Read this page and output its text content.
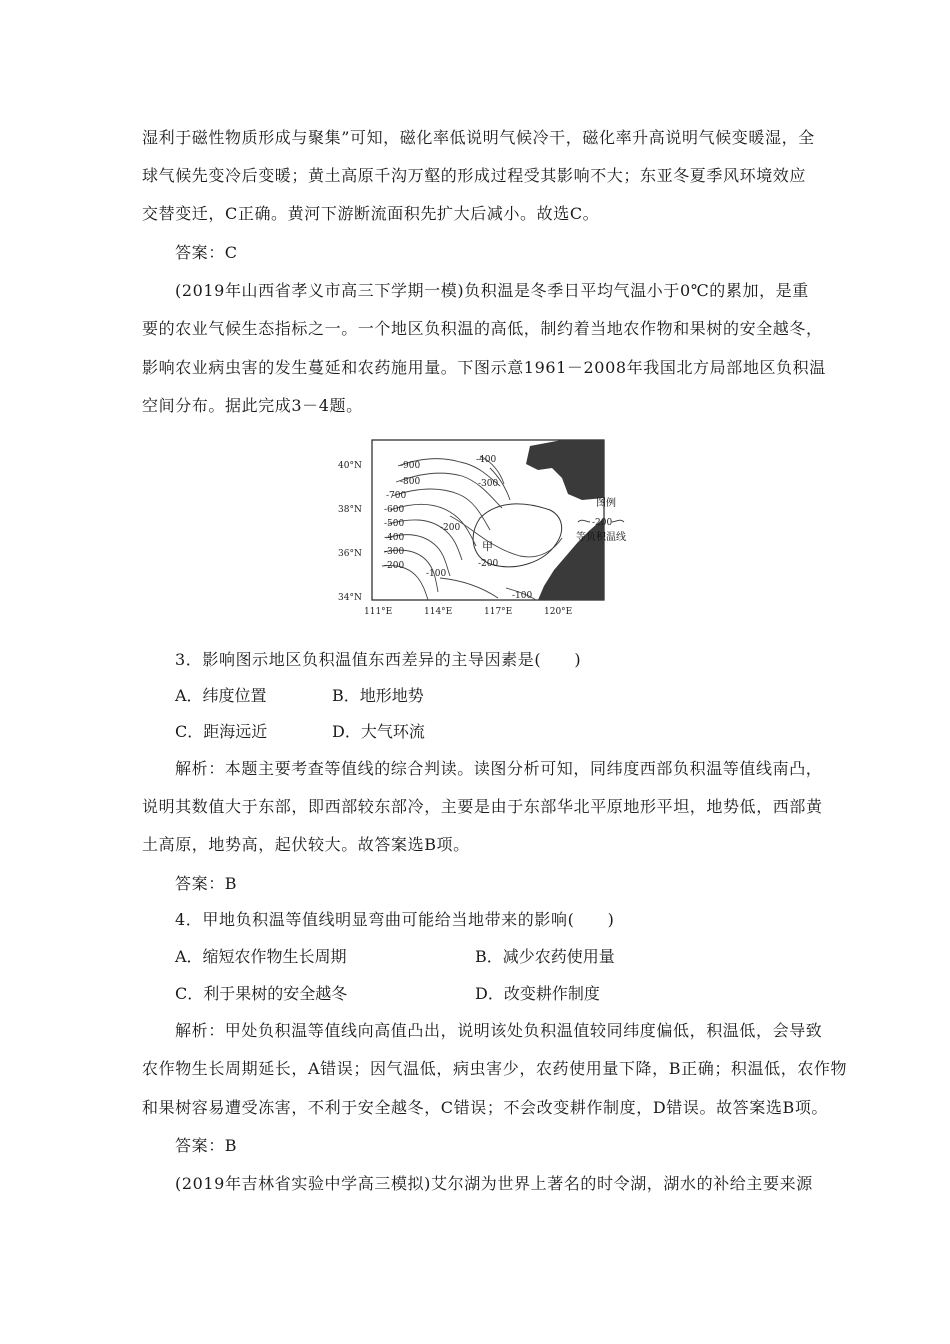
湿利于磁性物质形成与聚集”可知，磁化率低说明气候冷干，磁化率升高说明气候变暖湿，全
球气候先变冷后变暖；黄土高原千沟万壑的形成过程受其影响不大；东亚冬夏季风环境效应
交替变迁，C正确。黄河下游断流面积先扩大后减小。故选C。
答案：C
(2019年山西省孝义市高三下学期一模)负积温是冬季日平均气温小于0℃的累加，是重
要的农业气候生态指标之一。一个地区负积温的高低，制约着当地农作物和果树的安全越冬，
影响农业病虫害的发生蔓延和农药施用量。下图示意1961－2008年我国北方局部地区负积温
空间分布。据此完成3－4题。
-900
-800
-700
-600
-500
-400
-300
-200
-400
-300
-200
-200
-100
-100
甲
40°N
38°N
36°N
34°N
111°E	114°E	117°E	120°E
图例
-200
等负积温线
3．影响图示地区负积温值东西差异的主导因素是(　　)
A．纬度位置	B．地形地势
C．距海远近	D．大气环流
解析：本题主要考查等值线的综合判读。读图分析可知，同纬度西部负积温等值线南凸，
说明其数值大于东部，即西部较东部冷，主要是由于东部华北平原地形平坦，地势低，西部黄
土高原，地势高，起伏较大。故答案选B项。
答案：B
4．甲地负积温等值线明显弯曲可能给当地带来的影响(　　)
A．缩短农作物生长周期	B．减少农药使用量
C．利于果树的安全越冬	D．改变耕作制度
解析：甲处负积温等值线向高值凸出，说明该处负积温值较同纬度偏低，积温低，会导致
农作物生长周期延长，A错误；因气温低，病虫害少，农药使用量下降，B正确；积温低，农作物
和果树容易遭受冻害，不利于安全越冬，C错误；不会改变耕作制度，D错误。故答案选B项。
答案：B
(2019年吉林省实验中学高三模拟)艾尔湖为世界上著名的时令湖，湖水的补给主要来源
